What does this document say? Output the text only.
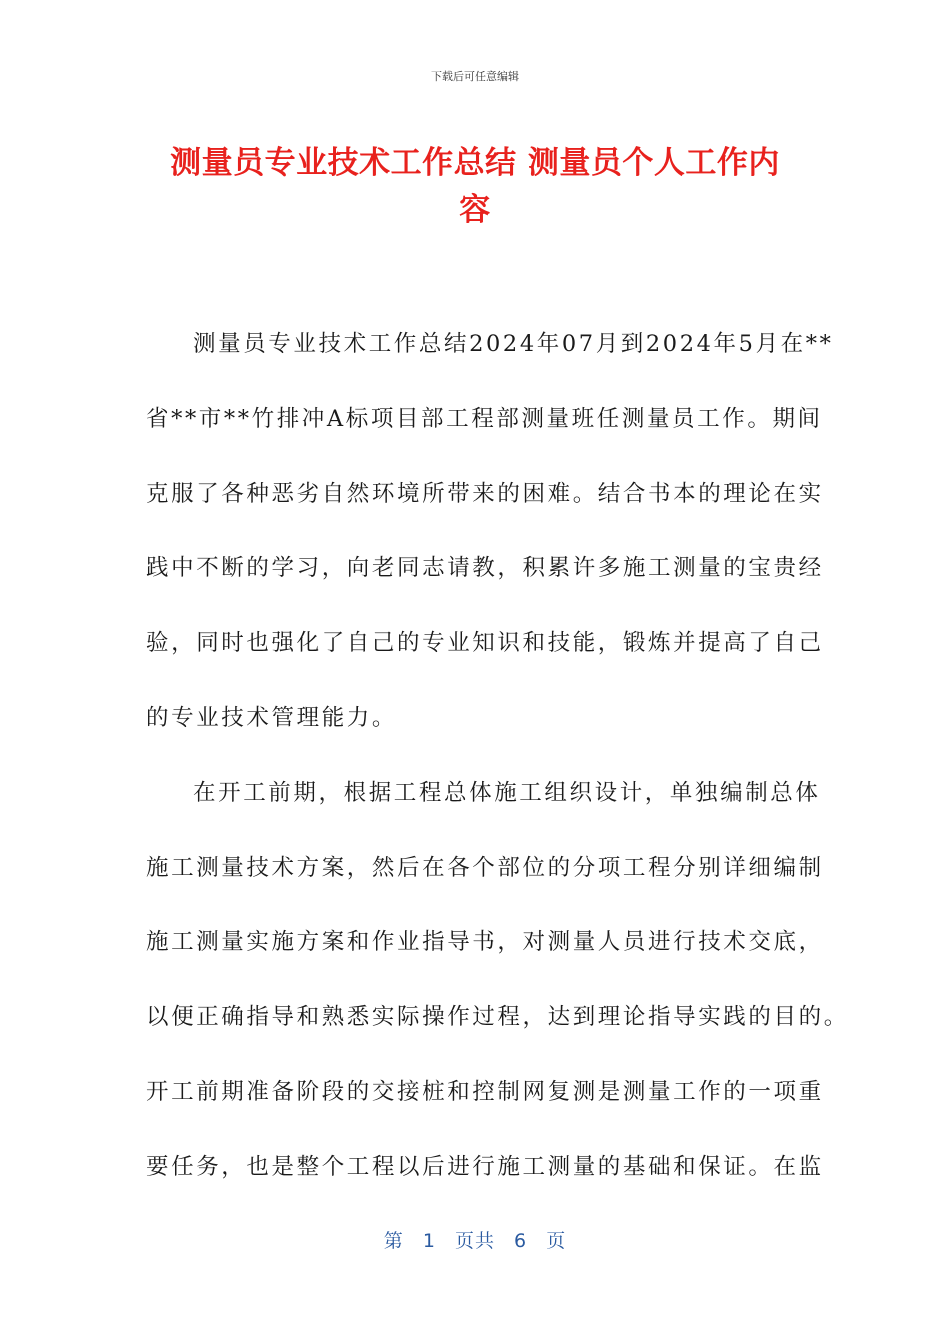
下载后可任意编辑
测量员专业技术工作总结 测量员个人工作内
容
测量员专业技术工作总结2024年07月到2024年5月在**
省**市**竹排冲A标项目部工程部测量班任测量员工作。期间
克服了各种恶劣自然环境所带来的困难。结合书本的理论在实
践中不断的学习，向老同志请教，积累许多施工测量的宝贵经
验，同时也强化了自己的专业知识和技能，锻炼并提高了自己
的专业技术管理能力。
在开工前期，根据工程总体施工组织设计，单独编制总体
施工测量技术方案，然后在各个部位的分项工程分别详细编制
施工测量实施方案和作业指导书，对测量人员进行技术交底，
以便正确指导和熟悉实际操作过程，达到理论指导实践的目的。
开工前期准备阶段的交接桩和控制网复测是测量工作的一项重
要任务，也是整个工程以后进行施工测量的基础和保证。在监
第 1 页共 6 页
